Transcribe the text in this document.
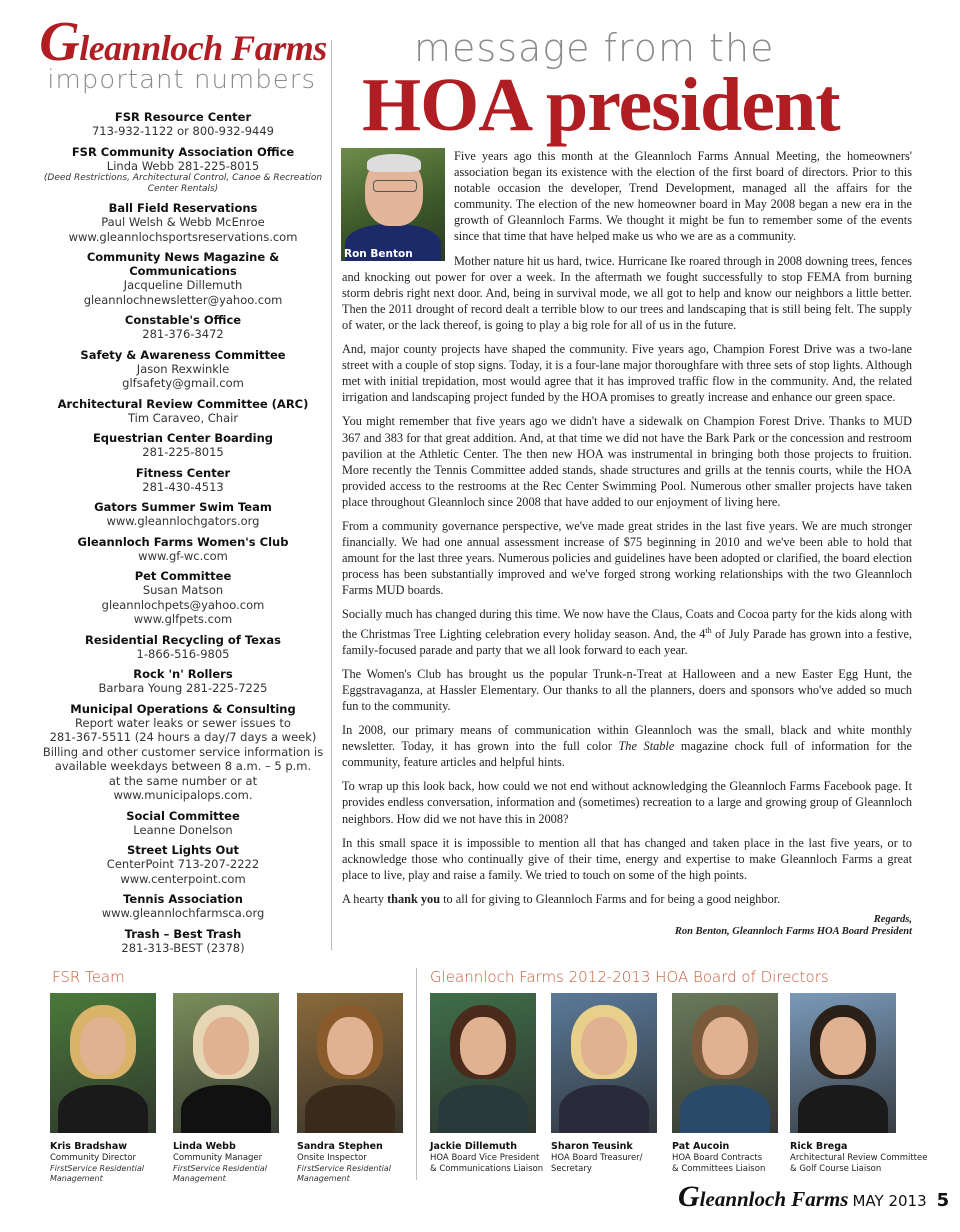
Gleannloch Farms
important numbers
FSR Resource Center
713-932-1122 or 800-932-9449
FSR Community Association Office
Linda Webb 281-225-8015
(Deed Restrictions, Architectural Control, Canoe & Recreation Center Rentals)
Ball Field Reservations
Paul Welsh & Webb McEnroe
www.gleannlochsportsreservations.com
Community News Magazine & Communications
Jacqueline Dillemuth
gleannlochnewsletter@yahoo.com
Constable's Office
281-376-3472
Safety & Awareness Committee
Jason Rexwinkle
glfsafety@gmail.com
Architectural Review Committee (ARC)
Tim Caraveo, Chair
Equestrian Center Boarding
281-225-8015
Fitness Center
281-430-4513
Gators Summer Swim Team
www.gleannlochgators.org
Gleannloch Farms Women's Club
www.gf-wc.com
Pet Committee
Susan Matson
gleannlochpets@yahoo.com
www.glfpets.com
Residential Recycling of Texas
1-866-516-9805
Rock 'n' Rollers
Barbara Young 281-225-7225
Municipal Operations & Consulting
Report water leaks or sewer issues to
281-367-5511 (24 hours a day/7 days a week)
Billing and other customer service information is
available weekdays between 8 a.m. – 5 p.m.
at the same number or at www.municipalops.com.
Social Committee
Leanne Donelson
Street Lights Out
CenterPoint 713-207-2222
www.centerpoint.com
Tennis Association
www.gleannlochfarmsca.org
Trash – Best Trash
281-313-BEST (2378)
message from the
HOA president
Ron Benton

Five years ago this month at the Gleannloch Farms Annual Meeting, the homeowners' association began its existence with the election of the first board of directors. Prior to this notable occasion the developer, Trend Development, managed all the affairs for the community. The election of the new homeowner board in May 2008 began a new era in the growth of Gleannloch Farms. We thought it might be fun to remember some of the events since that time that have helped make us who we are as a community.

Mother nature hit us hard, twice. Hurricane Ike roared through in 2008 downing trees, fences and knocking out power for over a week. In the aftermath we fought successfully to stop FEMA from burning storm debris right next door. And, being in survival mode, we all got to help and know our neighbors a little better. Then the 2011 drought of record dealt a terrible blow to our trees and landscaping that is still being felt. The supply of water, or the lack thereof, is going to play a big role for all of us in the future.

And, major county projects have shaped the community. Five years ago, Champion Forest Drive was a two-lane street with a couple of stop signs. Today, it is a four-lane major thoroughfare with three sets of stop lights. Although met with initial trepidation, most would agree that it has improved traffic flow in the community. And, the related irrigation and landscaping project funded by the HOA promises to greatly increase and enhance our green space.

You might remember that five years ago we didn't have a sidewalk on Champion Forest Drive. Thanks to MUD 367 and 383 for that great addition. And, at that time we did not have the Bark Park or the concession and restroom pavilion at the Athletic Center. The then new HOA was instrumental in bringing both those projects to fruition. More recently the Tennis Committee added stands, shade structures and grills at the tennis courts, while the HOA provided access to the restrooms at the Rec Center Swimming Pool. Numerous other smaller projects have taken place throughout Gleannloch since 2008 that have added to our enjoyment of living here.

From a community governance perspective, we've made great strides in the last five years. We are much stronger financially. We had one annual assessment increase of $75 beginning in 2010 and we've been able to hold that amount for the last three years. Numerous policies and guidelines have been adopted or clarified, the board election process has been substantially improved and we've forged strong working relationships with the two Gleannloch Farms MUD boards.

Socially much has changed during this time. We now have the Claus, Coats and Cocoa party for the kids along with the Christmas Tree Lighting celebration every holiday season. And, the 4th of July Parade has grown into a festive, family-focused parade and party that we all look forward to each year.

The Women's Club has brought us the popular Trunk-n-Treat at Halloween and a new Easter Egg Hunt, the Eggstravaganza, at Hassler Elementary. Our thanks to all the planners, doers and sponsors who've added so much fun to the community.

In 2008, our primary means of communication within Gleannloch was the small, black and white monthly newsletter. Today, it has grown into the full color The Stable magazine chock full of information for the community, feature articles and helpful hints.

To wrap up this look back, how could we not end without acknowledging the Gleannloch Farms Facebook page. It provides endless conversation, information and (sometimes) recreation to a large and growing group of Gleannloch neighbors. How did we not have this in 2008?

In this small space it is impossible to mention all that has changed and taken place in the last five years, or to acknowledge those who continually give of their time, energy and expertise to make Gleannloch Farms a great place to live, play and raise a family. We tried to touch on some of the high points.

A hearty thank you to all for giving to Gleannloch Farms and for being a good neighbor.

Regards,
Ron Benton, Gleannloch Farms HOA Board President
FSR Team	Gleannloch Farms 2012-2013 HOA Board of Directors
Kris Bradshaw
Community Director
FirstService Residential
Management
Linda Webb
Community Manager
FirstService Residential
Management
Sandra Stephen
Onsite Inspector
FirstService Residential
Management
Jackie Dillemuth
HOA Board Vice President
& Communications Liaison
Sharon Teusink
HOA Board Treasurer/
Secretary
Pat Aucoin
HOA Board Contracts
& Committees Liaison
Rick Brega
Architectural Review Committee
& Golf Course Liaison
Gleannloch Farms MAY 2013 5
